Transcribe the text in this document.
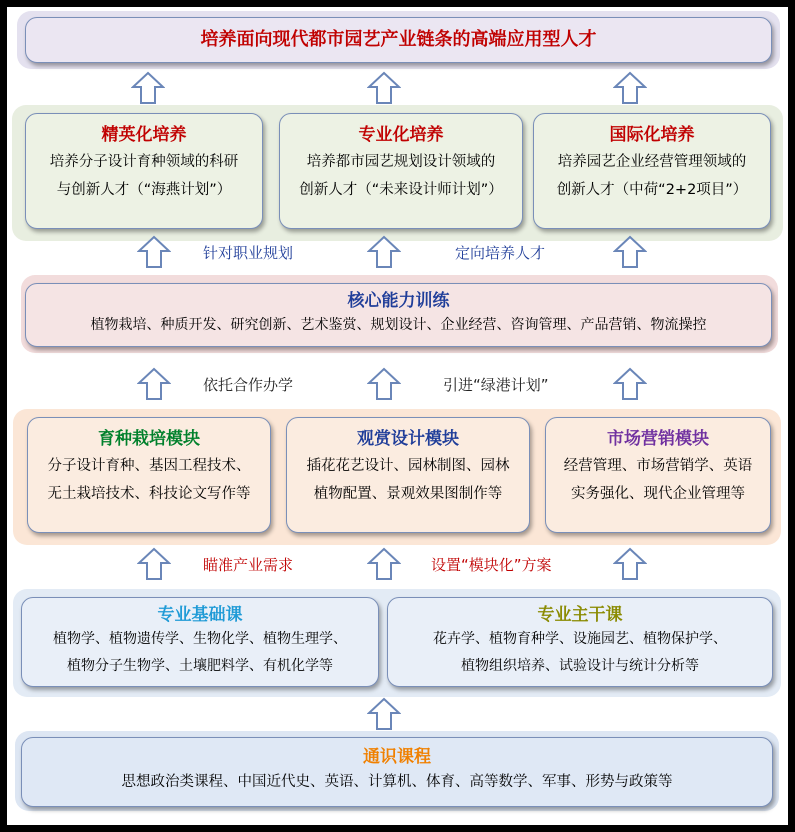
培养面向现代都市园艺产业链条的高端应用型人才
精英化培养
培养分子设计育种领域的科研
与创新人才（“海燕计划”）
专业化培养
培养都市园艺规划设计领域的
创新人才（“未来设计师计划”）
国际化培养
培养园艺企业经营管理领域的
创新人才（中荷“2+2项目”）
针对职业规划	定向培养人才
核心能力训练
植物栽培、种质开发、研究创新、艺术鉴赏、规划设计、企业经营、咨询管理、产品营销、物流操控
依托合作办学	引进“绿港计划”
育种栽培模块
分子设计育种、基因工程技术、
无土栽培技术、科技论文写作等
观赏设计模块
插花花艺设计、园林制图、园林
植物配置、景观效果图制作等
市场营销模块
经营管理、市场营销学、英语
实务强化、现代企业管理等
瞄准产业需求	设置“模块化”方案
专业基础课
植物学、植物遗传学、生物化学、植物生理学、
植物分子生物学、土壤肥料学、有机化学等
专业主干课
花卉学、植物育种学、设施园艺、植物保护学、
植物组织培养、试验设计与统计分析等
通识课程
思想政治类课程、中国近代史、英语、计算机、体育、高等数学、军事、形势与政策等
